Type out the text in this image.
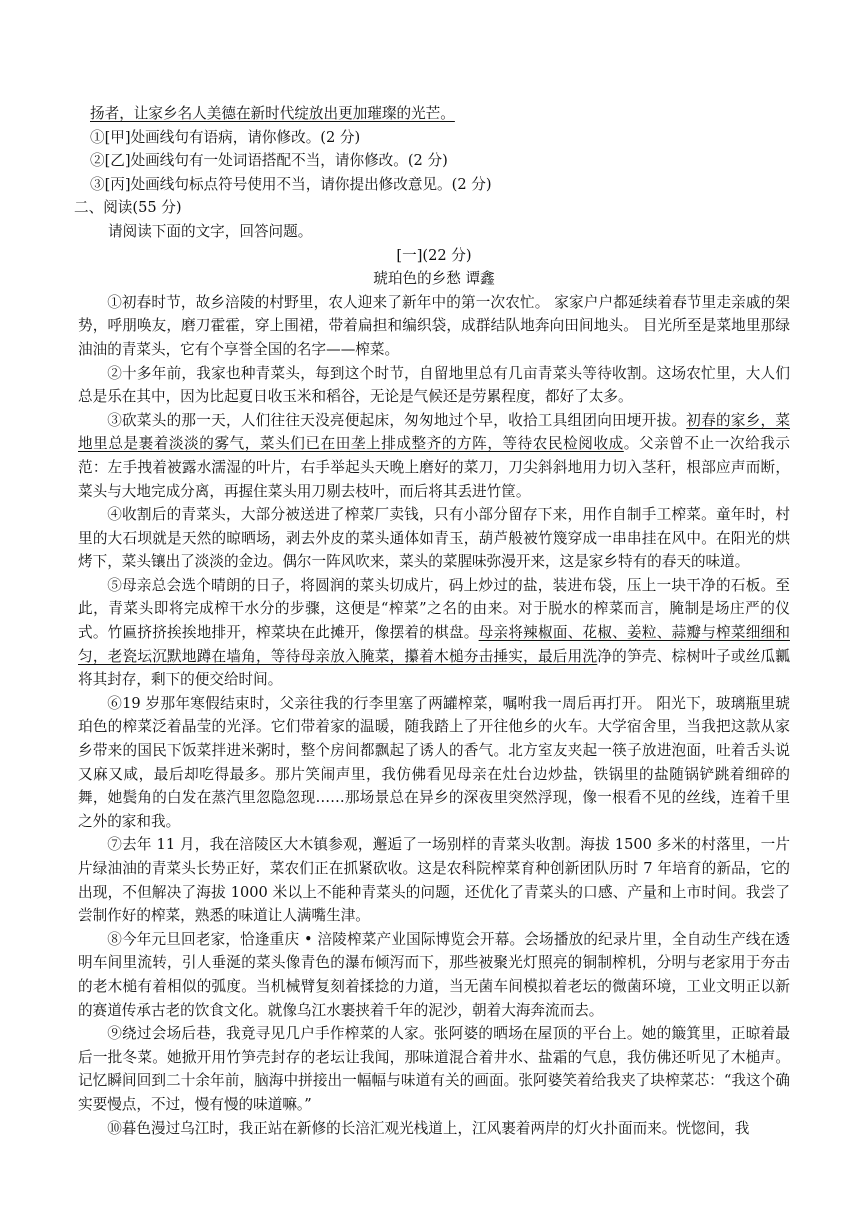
扬者，让家乡名人美德在新时代绽放出更加璀璨的光芒。
①[甲]处画线句有语病，请你修改。(2 分)
②[乙]处画线句有一处词语搭配不当，请你修改。(2 分)
③[丙]处画线句标点符号使用不当，请你提出修改意见。(2 分)
二、阅读(55 分)
请阅读下面的文字，回答问题。
[一](22 分)
琥珀色的乡愁 谭鑫

①初春时节，故乡涪陵的村野里，农人迎来了新年中的第一次农忙。 家家户户都延续着春节里走亲戚的架势，呼朋唤友，磨刀霍霍，穿上围裙，带着扁担和编织袋，成群结队地奔向田间地头。 目光所至是菜地里那绿油油的青菜头，它有个享誉全国的名字——榨菜。

②十多年前，我家也种青菜头，每到这个时节，自留地里总有几亩青菜头等待收割。这场农忙里，大人们总是乐在其中，因为比起夏日收玉米和稻谷，无论是气候还是劳累程度，都好了太多。

③砍菜头的那一天，人们往往天没亮便起床，匆匆地过个早，收拾工具组团向田埂开拔。初春的家乡，菜地里总是裹着淡淡的雾气，菜头们已在田垄上排成整齐的方阵，等待农民检阅收成。父亲曾不止一次给我示范：左手拽着被露水濡湿的叶片，右手举起头天晚上磨好的菜刀，刀尖斜斜地用力切入茎秆，根部应声而断，菜头与大地完成分离，再握住菜头用刀剔去枝叶，而后将其丢进竹筐。

④收割后的青菜头，大部分被送进了榨菜厂卖钱，只有小部分留存下来，用作自制手工榨菜。童年时，村里的大石坝就是天然的晾晒场，剥去外皮的菜头通体如青玉，葫芦般被竹篾穿成一串串挂在风中。在阳光的烘烤下，菜头镶出了淡淡的金边。偶尔一阵风吹来，菜头的菜腥味弥漫开来，这是家乡特有的春天的味道。

⑤母亲总会选个晴朗的日子，将圆润的菜头切成片，码上炒过的盐，装进布袋，压上一块干净的石板。至此，青菜头即将完成榨干水分的步骤，这便是“榨菜”之名的由来。对于脱水的榨菜而言，腌制是场庄严的仪式。竹匾挤挤挨挨地排开，榨菜块在此摊开，像摆着的棋盘。母亲将辣椒面、花椒、姜粒、蒜瓣与榨菜细细和匀，老瓷坛沉默地蹲在墙角，等待母亲放入腌菜，攥着木槌夯击捶实，最后用洗净的笋壳、棕树叶子或丝瓜瓤将其封存，剩下的便交给时间。

⑥19 岁那年寒假结束时，父亲往我的行李里塞了两罐榨菜，嘱咐我一周后再打开。 阳光下，玻璃瓶里琥珀色的榨菜泛着晶莹的光泽。它们带着家的温暖，随我踏上了开往他乡的火车。大学宿舍里，当我把这款从家乡带来的国民下饭菜拌进米粥时，整个房间都飘起了诱人的香气。北方室友夹起一筷子放进泡面，吐着舌头说又麻又咸，最后却吃得最多。那片笑闹声里，我仿佛看见母亲在灶台边炒盐，铁锅里的盐随锅铲跳着细碎的舞，她鬓角的白发在蒸汽里忽隐忽现……那场景总在异乡的深夜里突然浮现，像一根看不见的丝线，连着千里之外的家和我。

⑦去年 11 月，我在涪陵区大木镇参观，邂逅了一场别样的青菜头收割。海拔 1500 多米的村落里，一片片绿油油的青菜头长势正好，菜农们正在抓紧砍收。这是农科院榨菜育种创新团队历时 7 年培育的新品，它的出现，不但解决了海拔 1000 米以上不能种青菜头的问题，还优化了青菜头的口感、产量和上市时间。我尝了尝制作好的榨菜，熟悉的味道让人满嘴生津。

⑧今年元旦回老家，恰逢重庆 • 涪陵榨菜产业国际博览会开幕。会场播放的纪录片里，全自动生产线在透明车间里流转，引人垂涎的菜头像青色的瀑布倾泻而下，那些被聚光灯照亮的铜制榨机，分明与老家用于夯击的老木槌有着相似的弧度。当机械臂复刻着揉捻的力道，当无菌车间模拟着老坛的微菌环境，工业文明正以新的赛道传承古老的饮食文化。就像乌江水裹挟着千年的泥沙，朝着大海奔流而去。

⑨绕过会场后巷，我竟寻见几户手作榨菜的人家。张阿婆的晒场在屋顶的平台上。她的簸箕里，正晾着最后一批冬菜。她掀开用竹笋壳封存的老坛让我闻，那味道混合着井水、盐霜的气息，我仿佛还听见了木槌声。记忆瞬间回到二十余年前，脑海中拼接出一幅幅与味道有关的画面。张阿婆笑着给我夹了块榨菜芯：“我这个确实要慢点，不过，慢有慢的味道嘛。”

⑩暮色漫过乌江时，我正站在新修的长涪汇观光栈道上，江风裹着两岸的灯火扑面而来。恍惚间，我
